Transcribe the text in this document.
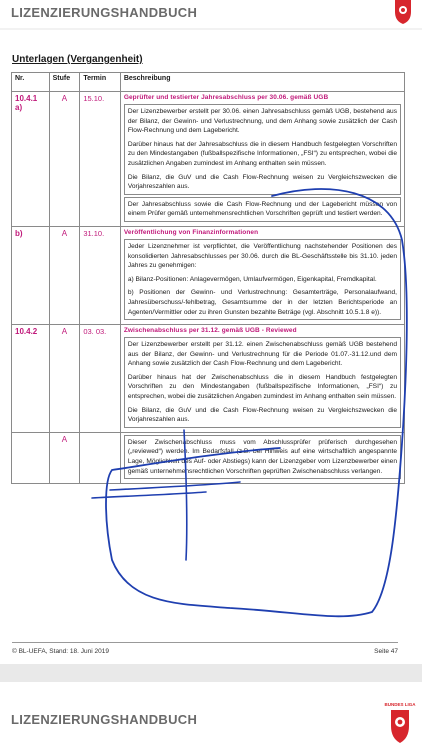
LIZENZIERUNGSHANDBUCH
Unterlagen (Vergangenheit)
Nr.	Stufe	Termin	Beschreibung
10.4.1 a)	A	15.10.	Geprüfter und testierter Jahresabschluss per 30.06. gemäß UGB

Der Lizenzbewerber erstellt per 30.06. einen Jahresabschluss gemäß UGB, bestehend aus der Bilanz, der Gewinn- und Verlustrechnung, und dem Anhang sowie zusätzlich der Cash Flow-Rechnung und dem Lagebericht.

Darüber hinaus hat der Jahresabschluss die in diesem Handbuch festgelegten Vorschriften zu den Mindestangaben (fußballspezifische Informationen, „FSI“) zu entsprechen, wobei die zusätzlichen Angaben zumindest im Anhang enthalten sein müssen.

Die Bilanz, die GuV und die Cash Flow-Rechnung weisen zu Vergleichszwecken die Vorjahreszahlen aus.

Der Jahresabschluss sowie die Cash Flow-Rechnung und der Lagebericht müssen von einem Prüfer gemäß unternehmensrechtlichen Vorschriften geprüft und testiert werden.

b)	A	31.10.	Veröffentlichung von Finanzinformationen

Jeder Lizenznehmer ist verpflichtet, die Veröffentlichung nachstehender Positionen des konsolidierten Jahresabschlusses per 30.06. durch die BL-Geschäftsstelle bis 31.10. jeden Jahres zu genehmigen:

a) Bilanz-Positionen: Anlagevermögen, Umlaufvermögen, Eigenkapital, Fremdkapital.

b) Positionen der Gewinn- und Verlustrechnung: Gesamterträge, Personalaufwand, Jahresüberschuss/-fehlbetrag, Gesamtsumme der in der letzten Berichtsperiode an Agenten/Vermittler oder zu ihren Gunsten bezahlte Beträge (vgl. Abschnitt 10.5.1.8 e)).

10.4.2	A	03. 03.	Zwischenabschluss per 31.12. gemäß UGB - Reviewed

Der Lizenzbewerber erstellt per 31.12. einen Zwischenabschluss gemäß UGB bestehend aus der Bilanz, der Gewinn- und Verlustrechnung für die Periode 01.07.-31.12.und dem Anhang sowie zusätzlich der Cash Flow-Rechnung und dem Lagebericht.

Darüber hinaus hat der Zwischenabschluss die in diesem Handbuch festgelegten Vorschriften zu den Mindestangaben (fußballspezifische Informationen, „FSI“) zu entsprechen, wobei die zusätzlichen Angaben zumindest im Anhang enthalten sein müssen.

Die Bilanz, die GuV und die Cash Flow-Rechnung weisen zu Vergleichszwecken die Vorjahreszahlen aus.

	A		Dieser Zwischenabschluss muss vom Abschlussprüfer prüferisch durchgesehen („reviewed“) werden. Im Bedarfsfall (z.B. bei Hinweis auf eine wirtschaftlich angespannte Lage, Möglichkeit des Auf- oder Abstiegs) kann der Lizenzgeber vom Lizenzbewerber einen gemäß unternehmensrechtlichen Vorschriften geprüften Zwischenabschluss verlangen.

© BL-UEFA, Stand: 18. Juni 2019	Seite 47
LIZENZIERUNGSHANDBUCH
BUNDES LIGA
